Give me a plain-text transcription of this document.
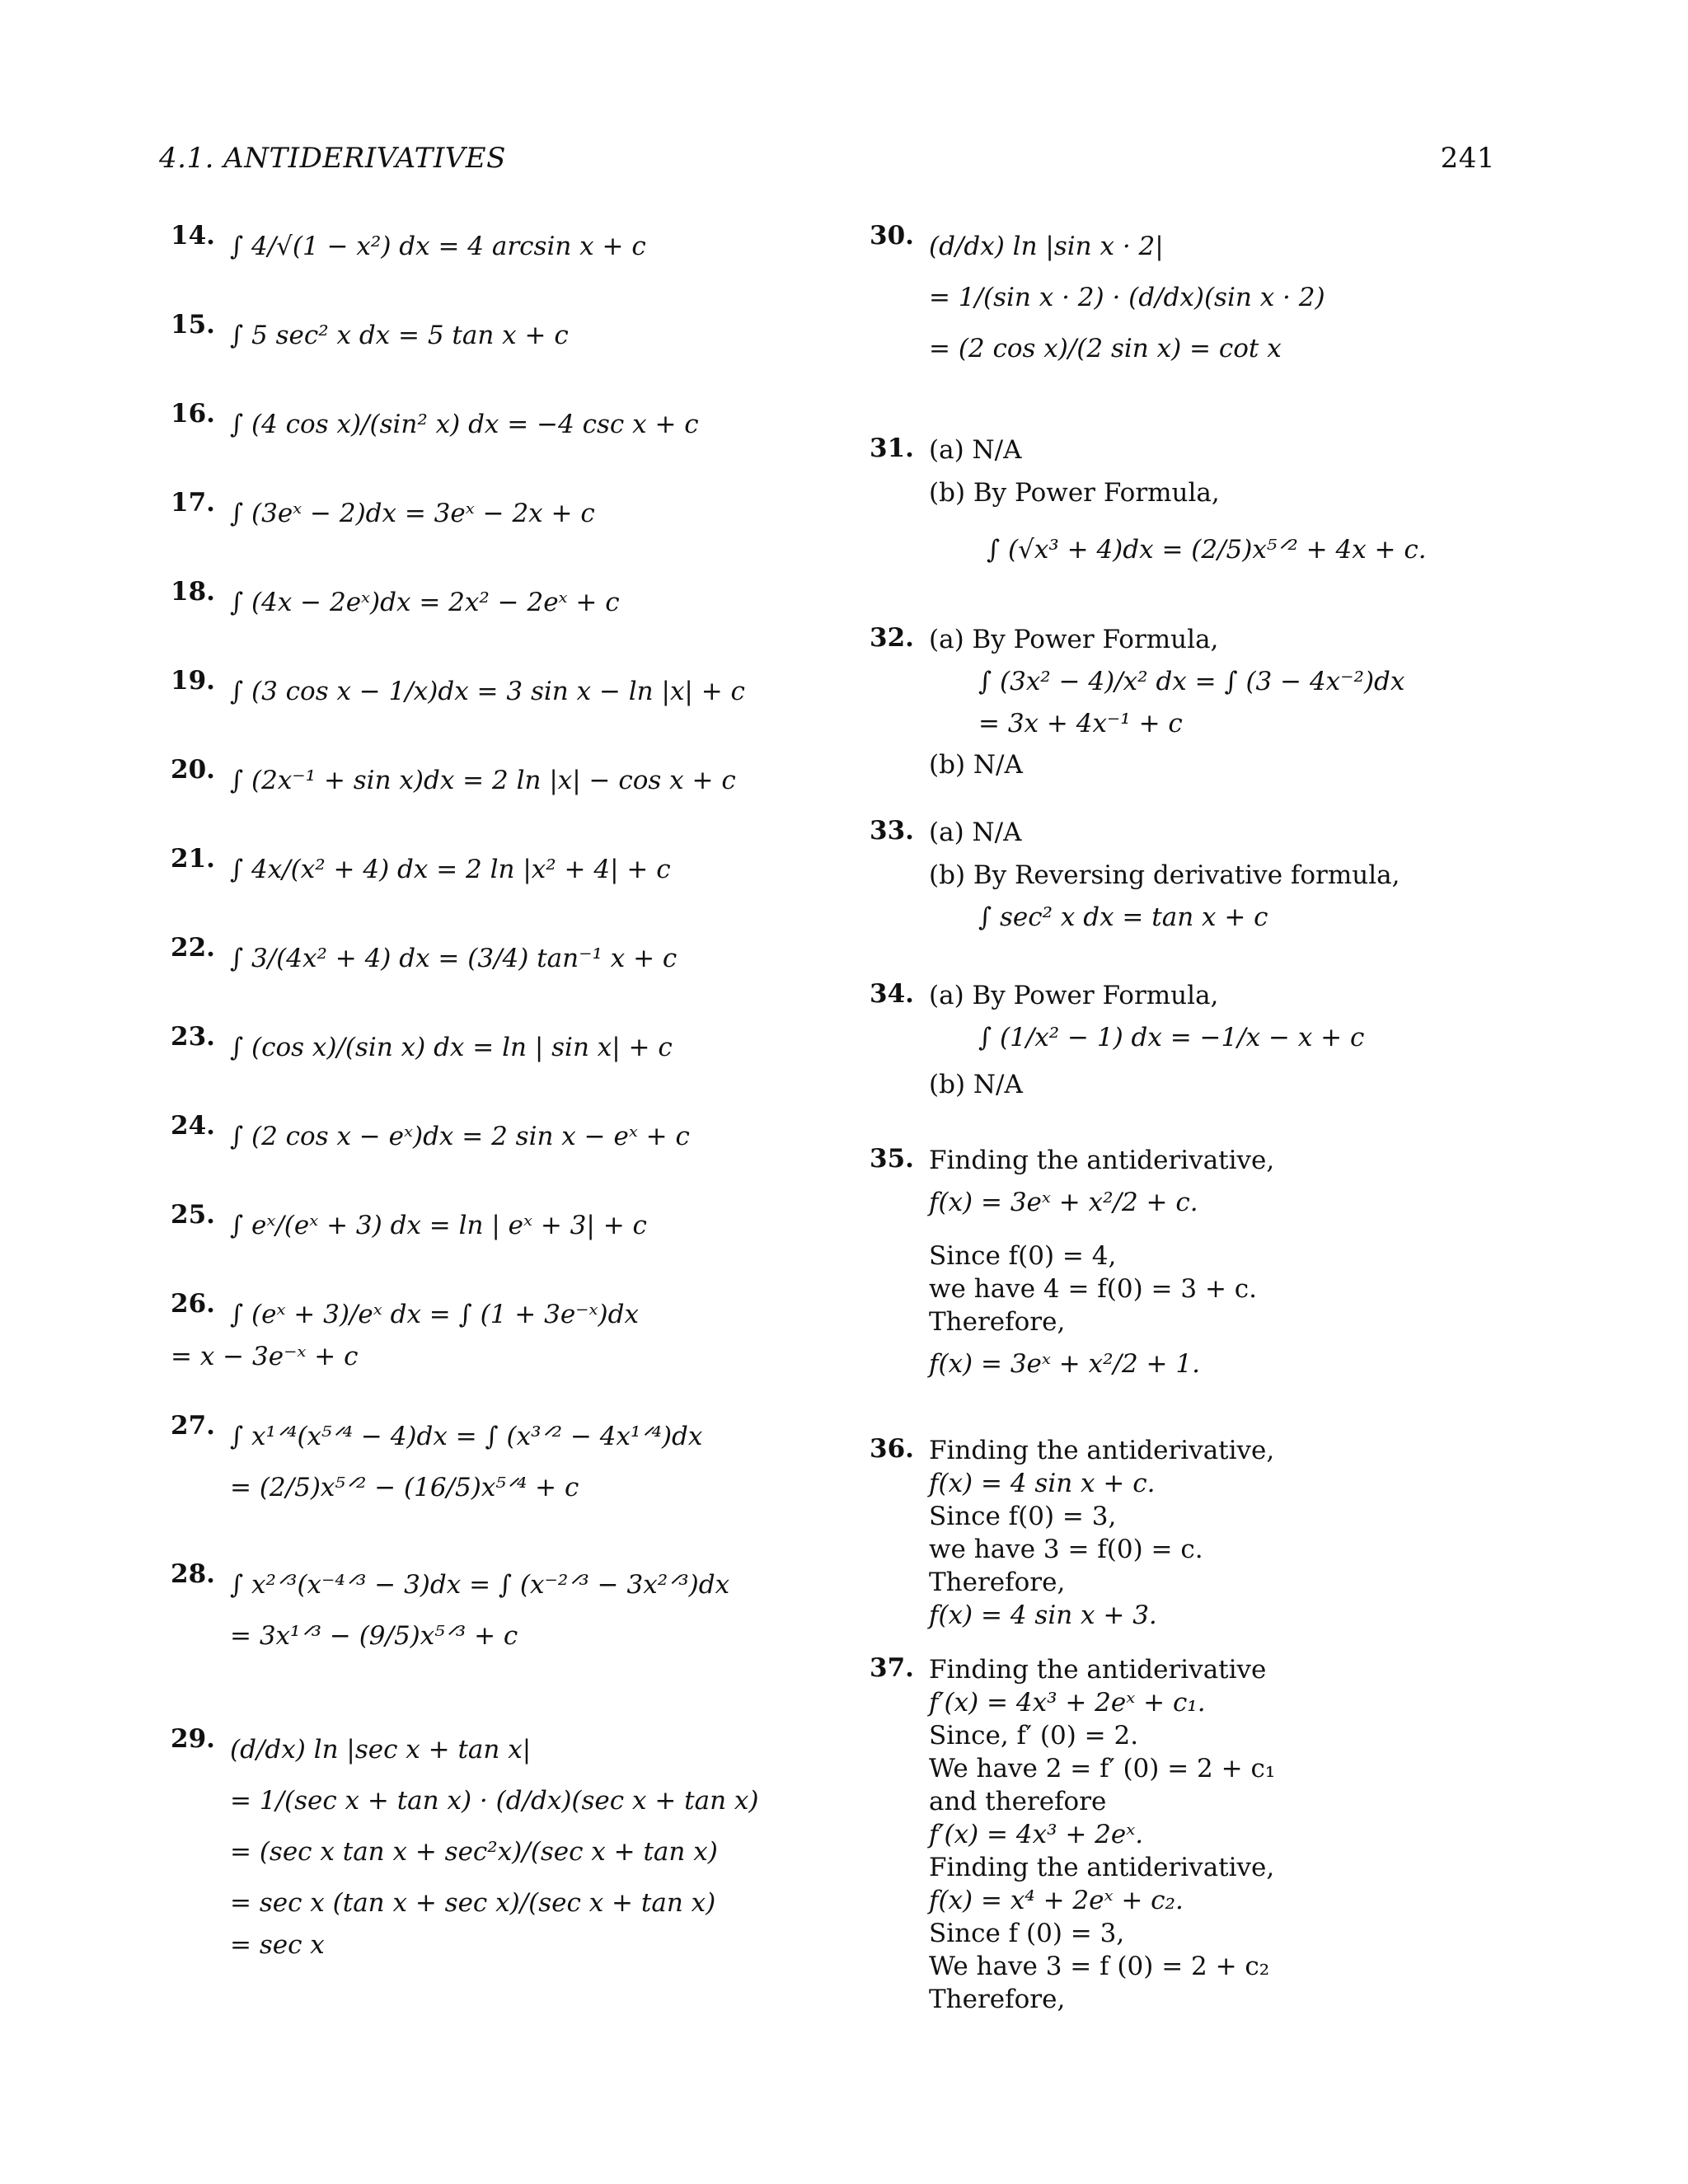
4.1. ANTIDERIVATIVES	241
14. ∫ 4/√(1 − x²) dx = 4 arcsin x + c
15. ∫ 5 sec² x dx = 5 tan x + c
16. ∫ (4 cos x)/(sin² x) dx = −4 csc x + c
17. ∫ (3eˣ − 2)dx = 3eˣ − 2x + c
18. ∫ (4x − 2eˣ)dx = 2x² − 2eˣ + c
19. ∫ (3 cos x − 1/x)dx = 3 sin x − ln |x| + c
20. ∫ (2x⁻¹ + sin x)dx = 2 ln |x| − cos x + c
21. ∫ 4x/(x² + 4) dx = 2 ln |x² + 4| + c
22. ∫ 3/(4x² + 4) dx = (3/4) tan⁻¹ x + c
23. ∫ (cos x)/(sin x) dx = ln | sin x| + c
24. ∫ (2 cos x − eˣ)dx = 2 sin x − eˣ + c
25. ∫ eˣ/(eˣ + 3) dx = ln | eˣ + 3| + c
26. ∫ (eˣ + 3)/eˣ dx = ∫ (1 + 3e⁻ˣ)dx
= x − 3e⁻ˣ + c
27. ∫ x¹ᐟ⁴(x⁵ᐟ⁴ − 4)dx = ∫ (x³ᐟ² − 4x¹ᐟ⁴)dx
= (2/5)x⁵ᐟ² − (16/5)x⁵ᐟ⁴ + c
28. ∫ x²ᐟ³(x⁻⁴ᐟ³ − 3)dx = ∫ (x⁻²ᐟ³ − 3x²ᐟ³)dx
= 3x¹ᐟ³ − (9/5)x⁵ᐟ³ + c
29. (d/dx) ln |sec x + tan x|
= 1/(sec x + tan x) · (d/dx)(sec x + tan x)
= (sec x tan x + sec²x)/(sec x + tan x)
= sec x (tan x + sec x)/(sec x + tan x)
= sec x
30. (d/dx) ln |sin x · 2|
= 1/(sin x · 2) · (d/dx)(sin x · 2)
= (2 cos x)/(2 sin x) = cot x
31. (a) N/A
(b) By Power Formula,
∫ (√x³ + 4)dx = (2/5)x⁵ᐟ² + 4x + c.
32. (a) By Power Formula,
∫ (3x² − 4)/x² dx = ∫ (3 − 4x⁻²)dx
= 3x + 4x⁻¹ + c
(b) N/A
33. (a) N/A
(b) By Reversing derivative formula,
∫ sec² x dx = tan x + c
34. (a) By Power Formula,
∫ (1/x² − 1) dx = −1/x − x + c
(b) N/A
35. Finding the antiderivative,
f(x) = 3eˣ + x²/2 + c.
Since f(0) = 4,
we have 4 = f(0) = 3 + c.
Therefore,
f(x) = 3eˣ + x²/2 + 1.
36. Finding the antiderivative,
f(x) = 4 sin x + c.
Since f(0) = 3,
we have 3 = f(0) = c.
Therefore,
f(x) = 4 sin x + 3.
37. Finding the antiderivative
f′(x) = 4x³ + 2eˣ + c₁.
Since, f′ (0) = 2.
We have 2 = f′ (0) = 2 + c₁
and therefore
f′(x) = 4x³ + 2eˣ.
Finding the antiderivative,
f(x) = x⁴ + 2eˣ + c₂.
Since f (0) = 3,
We have 3 = f (0) = 2 + c₂
Therefore,
